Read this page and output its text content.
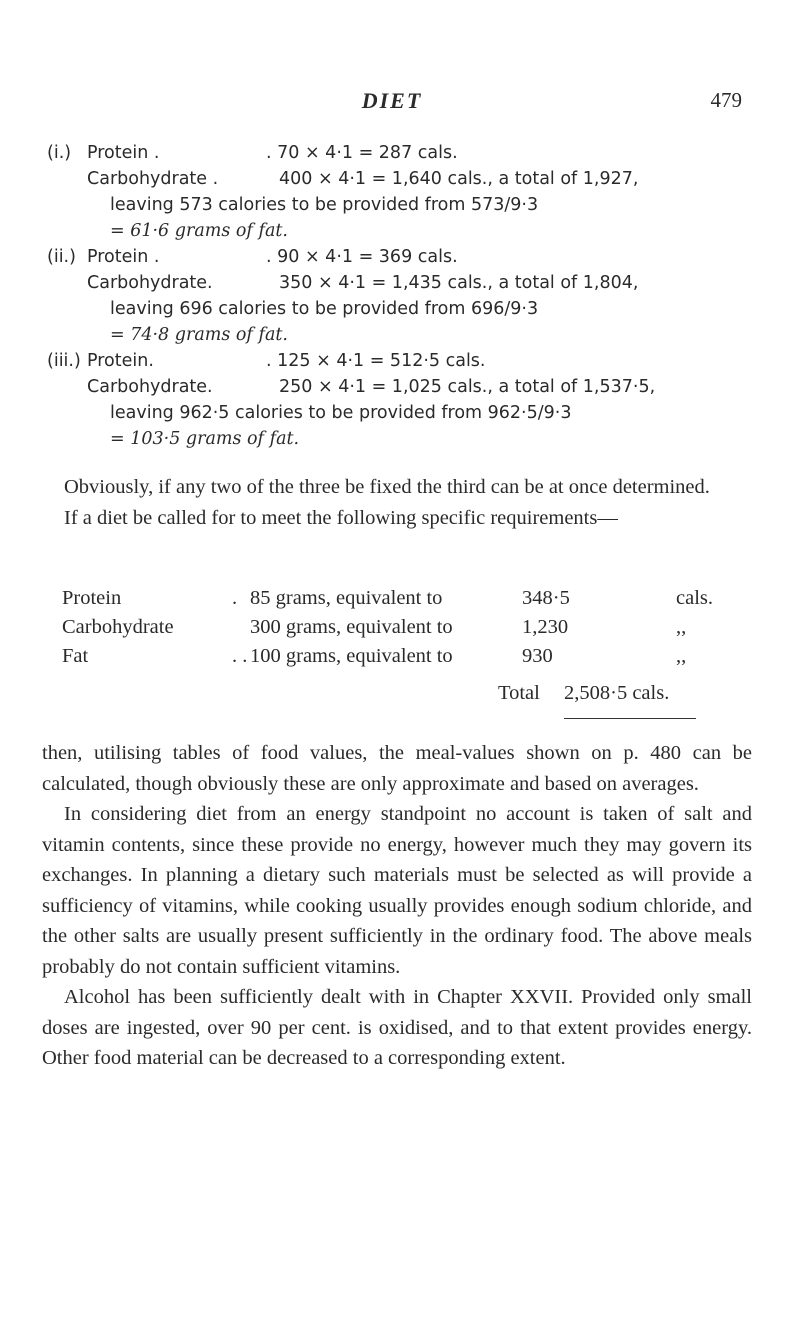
DIET	479
(i.) Protein .	. 70 × 4·1 = 287 cals.
Carbohydrate .	400 × 4·1 = 1,640 cals., a total of 1,927,
leaving 573 calories to be provided from 573/9·3
= 61·6 grams of fat.
(ii.) Protein .	. 90 × 4·1 = 369 cals.
Carbohydrate.	350 × 4·1 = 1,435 cals., a total of 1,804,
leaving 696 calories to be provided from 696/9·3
= 74·8 grams of fat.
(iii.) Protein.	. 125 × 4·1 = 512·5 cals.
Carbohydrate.	250 × 4·1 = 1,025 cals., a total of 1,537·5,
leaving 962·5 calories to be provided from 962·5/9·3
= 103·5 grams of fat.

Obviously, if any two of the three be fixed the third can be at once determined.

If a diet be called for to meet the following specific requirements—

Protein	. 85 grams, equivalent to	348·5	cals.
Carbohydrate	300 grams, equivalent to	1,230	,,
Fat	. . 100 grams, equivalent to	930	,,
Total 2,508·5 cals.

then, utilising tables of food values, the meal-values shown on p. 480 can be calculated, though obviously these are only approximate and based on averages.

In considering diet from an energy standpoint no account is taken of salt and vitamin contents, since these provide no energy, however much they may govern its exchanges. In planning a dietary such materials must be selected as will provide a sufficiency of vitamins, while cooking usually provides enough sodium chloride, and the other salts are usually present sufficiently in the ordinary food. The above meals probably do not contain sufficient vitamins.

Alcohol has been sufficiently dealt with in Chapter XXVII. Provided only small doses are ingested, over 90 per cent. is oxidised, and to that extent provides energy. Other food material can be decreased to a corresponding extent.
